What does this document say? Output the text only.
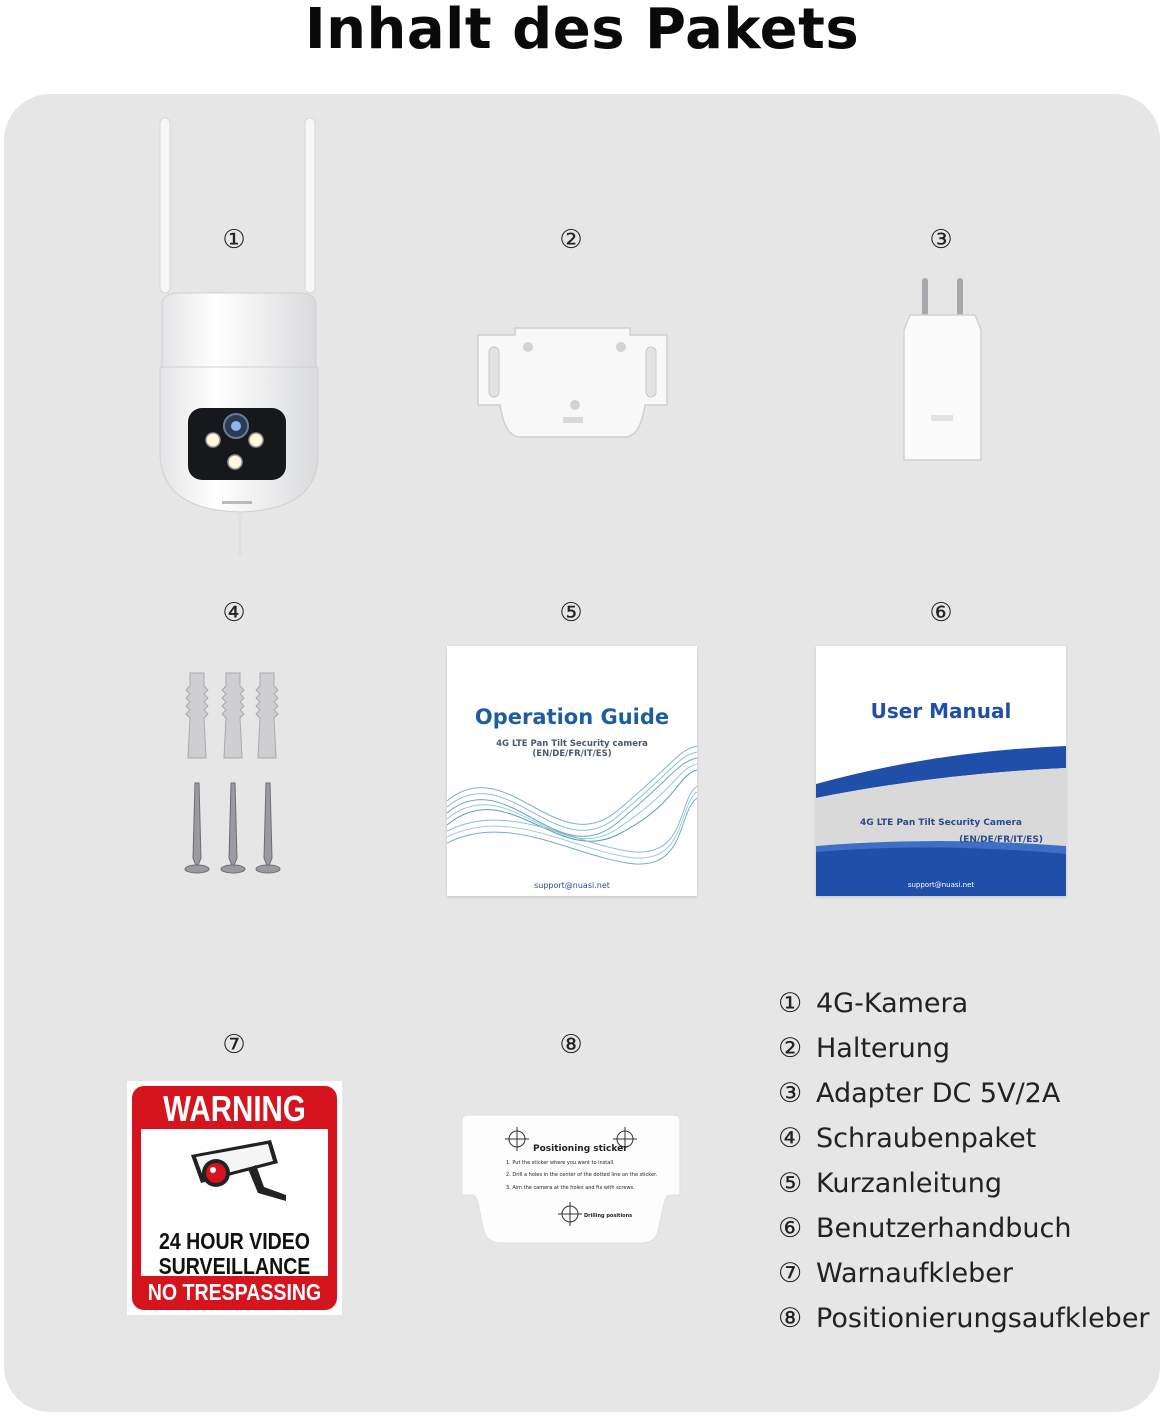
Inhalt des Pakets
①	②	③
④	⑤	⑥
⑦	⑧
Operation Guide
4G LTE Pan Tilt Security camera
(EN/DE/FR/IT/ES)
support@nuasi.net
User Manual
4G LTE Pan Tilt Security Camera
(EN/DE/FR/IT/ES)
support@nuasi.net
WARNING
24 HOUR VIDEO
SURVEILLANCE
NO TRESPASSING
Positioning sticker
1. Put the sticker where you want to install.
2. Drill a holes in the center of the dotted line on the sticker.
3. Aim the camera at the holes and fix with screws.
Drilling positions
① 4G-Kamera
② Halterung
③ Adapter DC 5V/2A
④ Schraubenpaket
⑤ Kurzanleitung
⑥ Benutzerhandbuch
⑦ Warnaufkleber
⑧ Positionierungsaufkleber
